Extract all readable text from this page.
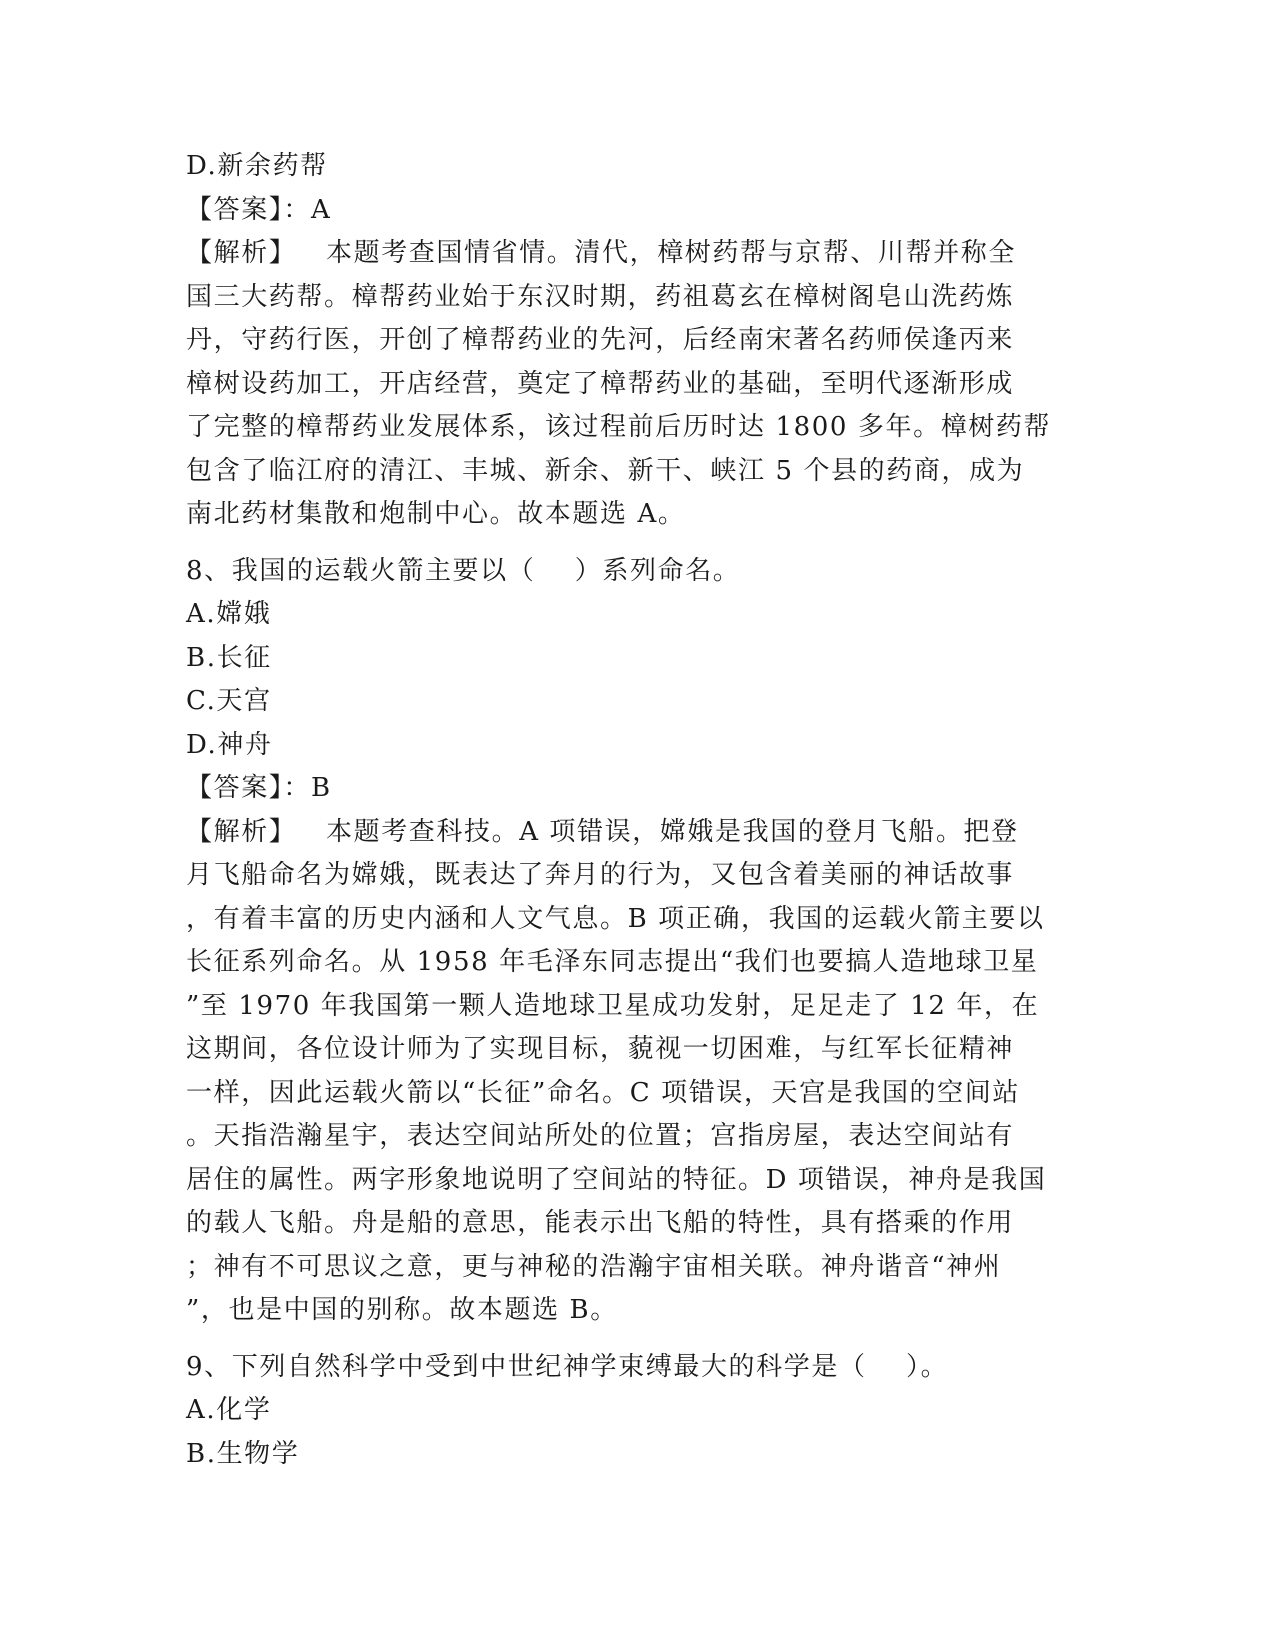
D.新余药帮
【答案】：A
【解析】   本题考查国情省情。清代，樟树药帮与京帮、川帮并称全
国三大药帮。樟帮药业始于东汉时期，药祖葛玄在樟树阁皂山洗药炼
丹，守药行医，开创了樟帮药业的先河，后经南宋著名药师侯逢丙来
樟树设药加工，开店经营，奠定了樟帮药业的基础，至明代逐渐形成
了完整的樟帮药业发展体系，该过程前后历时达 1800 多年。樟树药帮
包含了临江府的清江、丰城、新余、新干、峡江 5 个县的药商，成为
南北药材集散和炮制中心。故本题选 A。
8、我国的运载火箭主要以（    ）系列命名。
A.嫦娥
B.长征
C.天宫
D.神舟
【答案】：B
【解析】   本题考查科技。A 项错误，嫦娥是我国的登月飞船。把登
月飞船命名为嫦娥，既表达了奔月的行为，又包含着美丽的神话故事
，有着丰富的历史内涵和人文气息。B 项正确，我国的运载火箭主要以
长征系列命名。从 1958 年毛泽东同志提出“我们也要搞人造地球卫星
”至 1970 年我国第一颗人造地球卫星成功发射，足足走了 12 年，在
这期间，各位设计师为了实现目标，藐视一切困难，与红军长征精神
一样，因此运载火箭以“长征”命名。C 项错误，天宫是我国的空间站
。天指浩瀚星宇，表达空间站所处的位置；宫指房屋，表达空间站有
居住的属性。两字形象地说明了空间站的特征。D 项错误，神舟是我国
的载人飞船。舟是船的意思，能表示出飞船的特性，具有搭乘的作用
；神有不可思议之意，更与神秘的浩瀚宇宙相关联。神舟谐音“神州
”，也是中国的别称。故本题选 B。
9、下列自然科学中受到中世纪神学束缚最大的科学是（    ）。
A.化学
B.生物学
